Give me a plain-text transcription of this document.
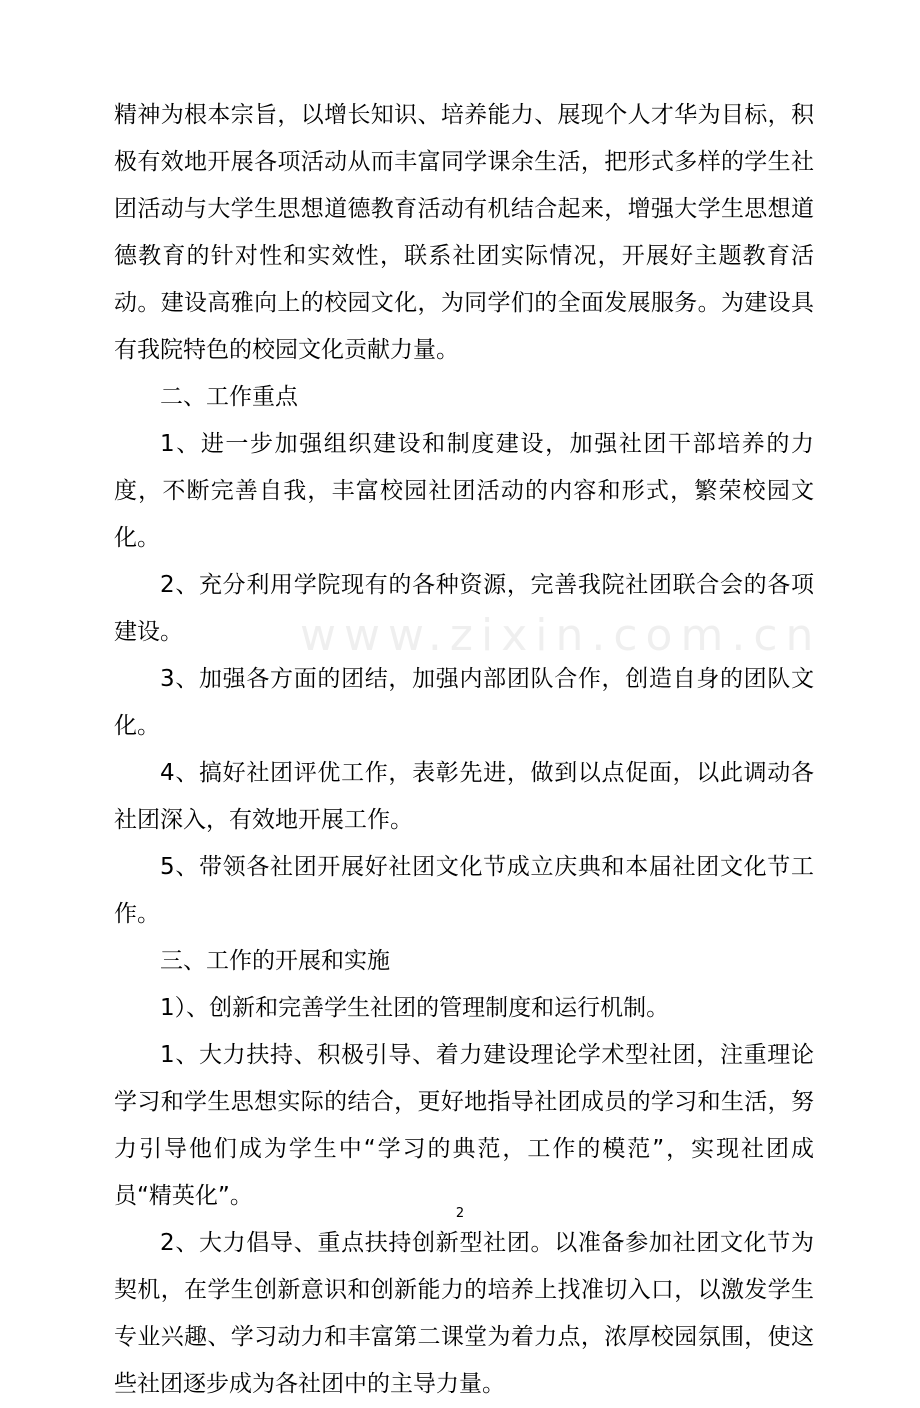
www.zixin.com.cn

精神为根本宗旨，以增长知识、培养能力、展现个人才华为目标，积极有效地开展各项活动从而丰富同学课余生活，把形式多样的学生社团活动与大学生思想道德教育活动有机结合起来，增强大学生思想道德教育的针对性和实效性，联系社团实际情况，开展好主题教育活动。建设高雅向上的校园文化，为同学们的全面发展服务。为建设具有我院特色的校园文化贡献力量。

二、工作重点

1、进一步加强组织建设和制度建设，加强社团干部培养的力度，不断完善自我，丰富校园社团活动的内容和形式，繁荣校园文化。

2、充分利用学院现有的各种资源，完善我院社团联合会的各项建设。

3、加强各方面的团结，加强内部团队合作，创造自身的团队文化。

4、搞好社团评优工作，表彰先进，做到以点促面，以此调动各社团深入，有效地开展工作。

5、带领各社团开展好社团文化节成立庆典和本届社团文化节工作。

三、工作的开展和实施

1）、创新和完善学生社团的管理制度和运行机制。

1、大力扶持、积极引导、着力建设理论学术型社团，注重理论学习和学生思想实际的结合，更好地指导社团成员的学习和生活，努力引导他们成为学生中“学习的典范，工作的模范”，实现社团成员“精英化”。

2、大力倡导、重点扶持创新型社团。以准备参加社团文化节为契机，在学生创新意识和创新能力的培养上找准切入口，以激发学生专业兴趣、学习动力和丰富第二课堂为着力点，浓厚校园氛围，使这些社团逐步成为各社团中的主导力量。

2
